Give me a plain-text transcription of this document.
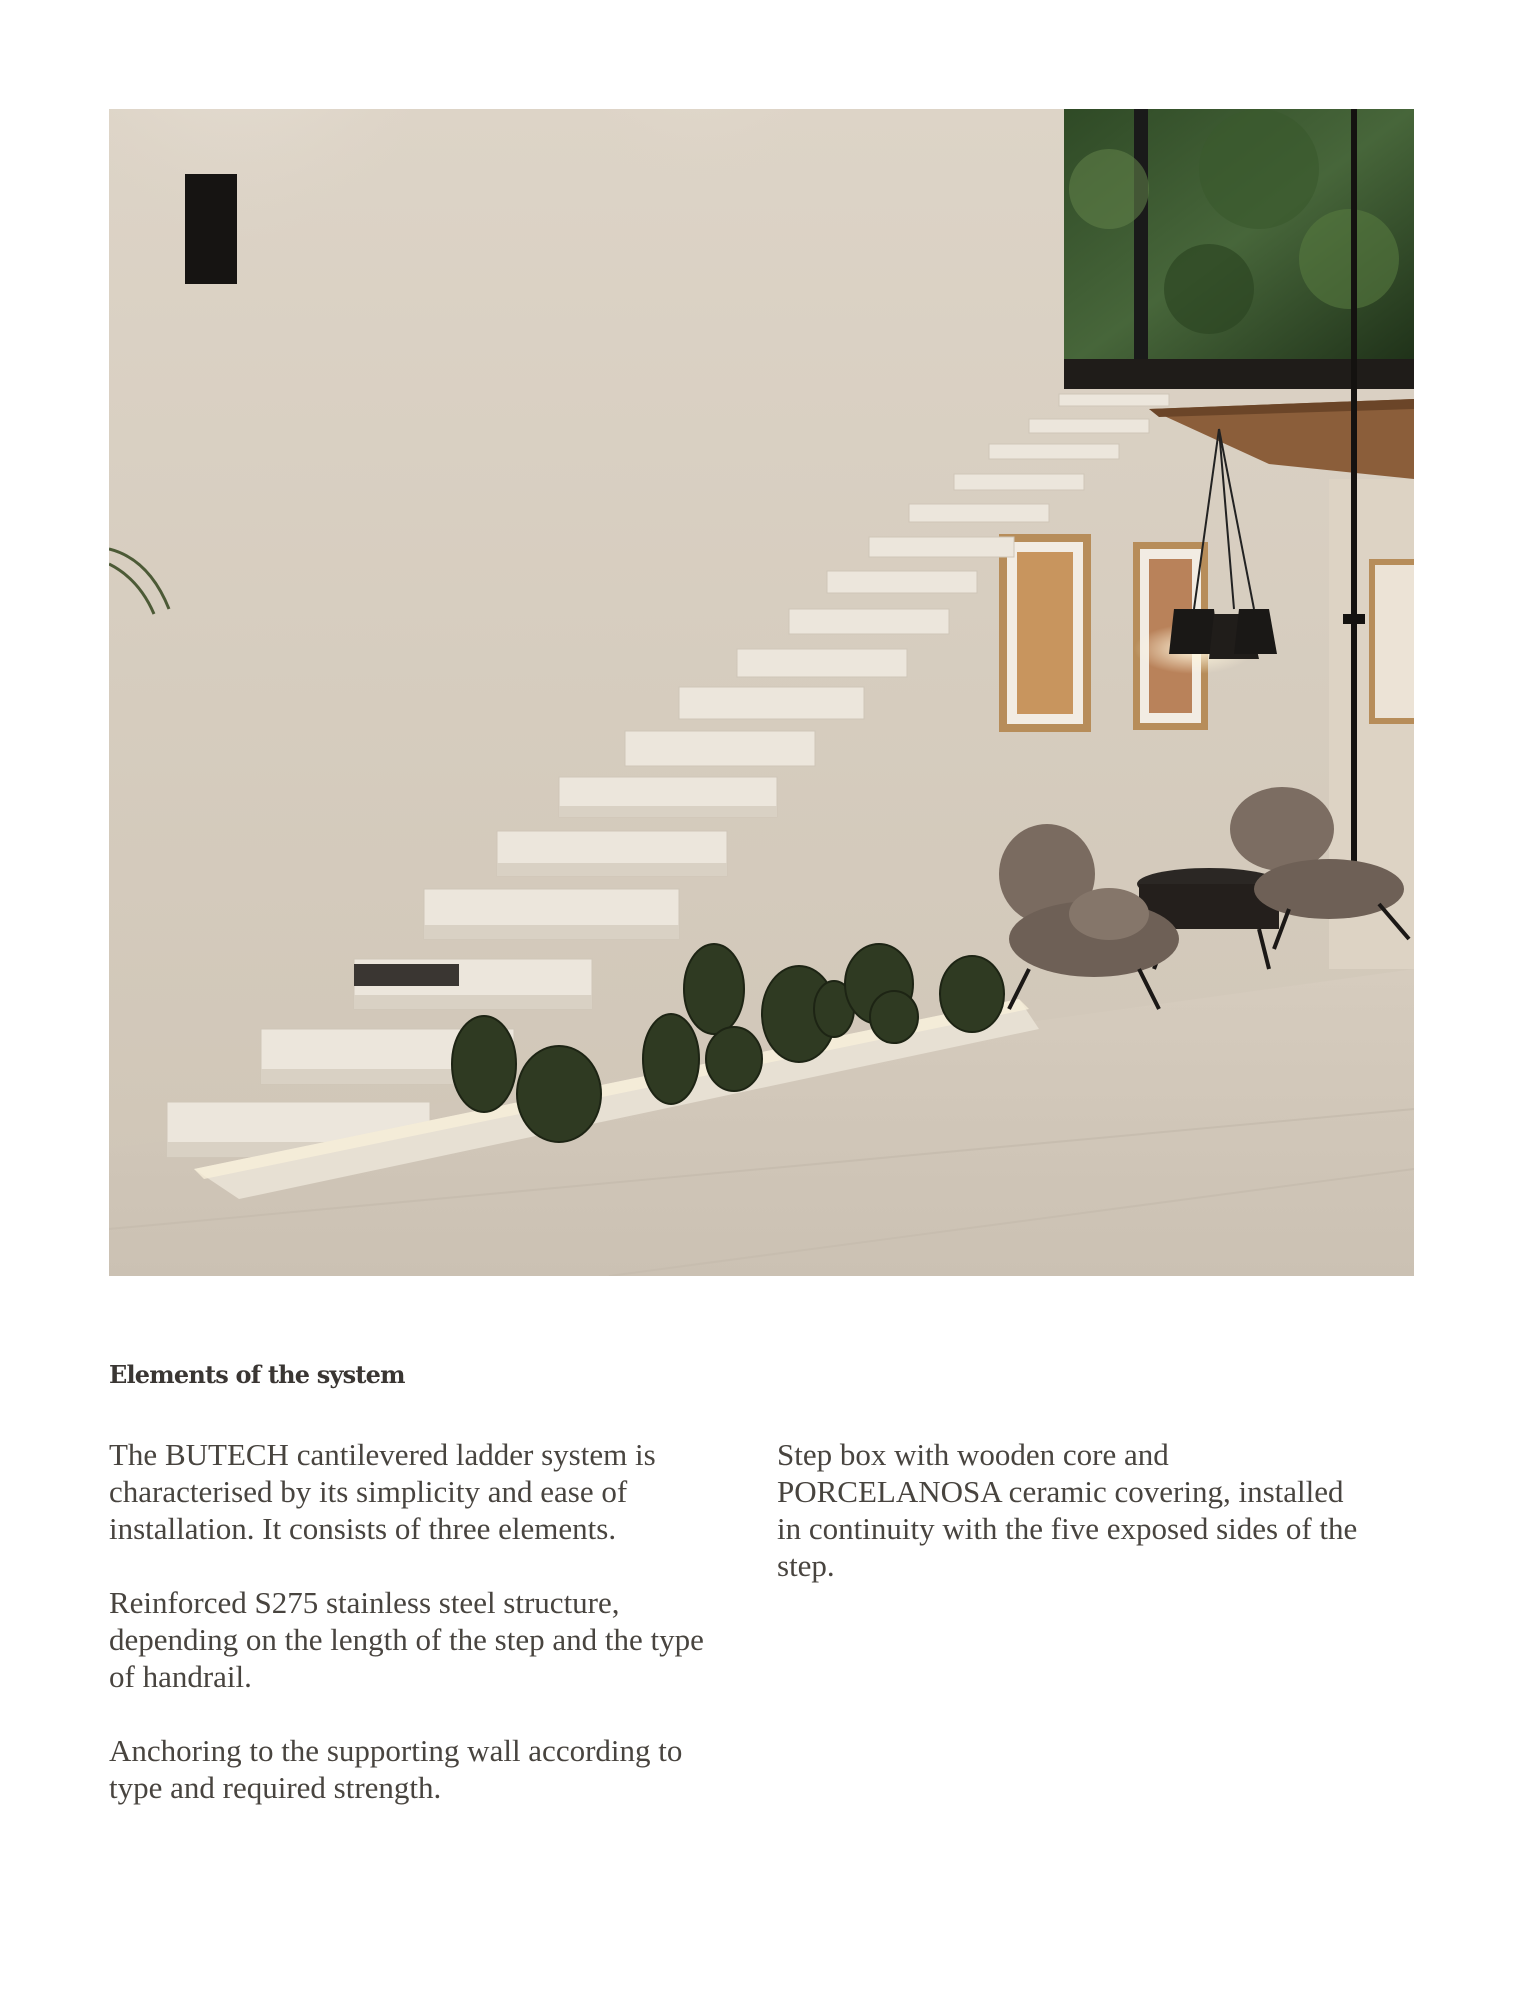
Elements of the system

The BUTECH cantilevered ladder system is
characterised by its simplicity and ease of
installation. It consists of three elements.

Reinforced S275 stainless steel structure,
depending on the length of the step and the type
of handrail.

Anchoring to the supporting wall according to
type and required strength.

Step box with wooden core and
PORCELANOSA ceramic covering, installed
in continuity with the five exposed sides of the
step.
